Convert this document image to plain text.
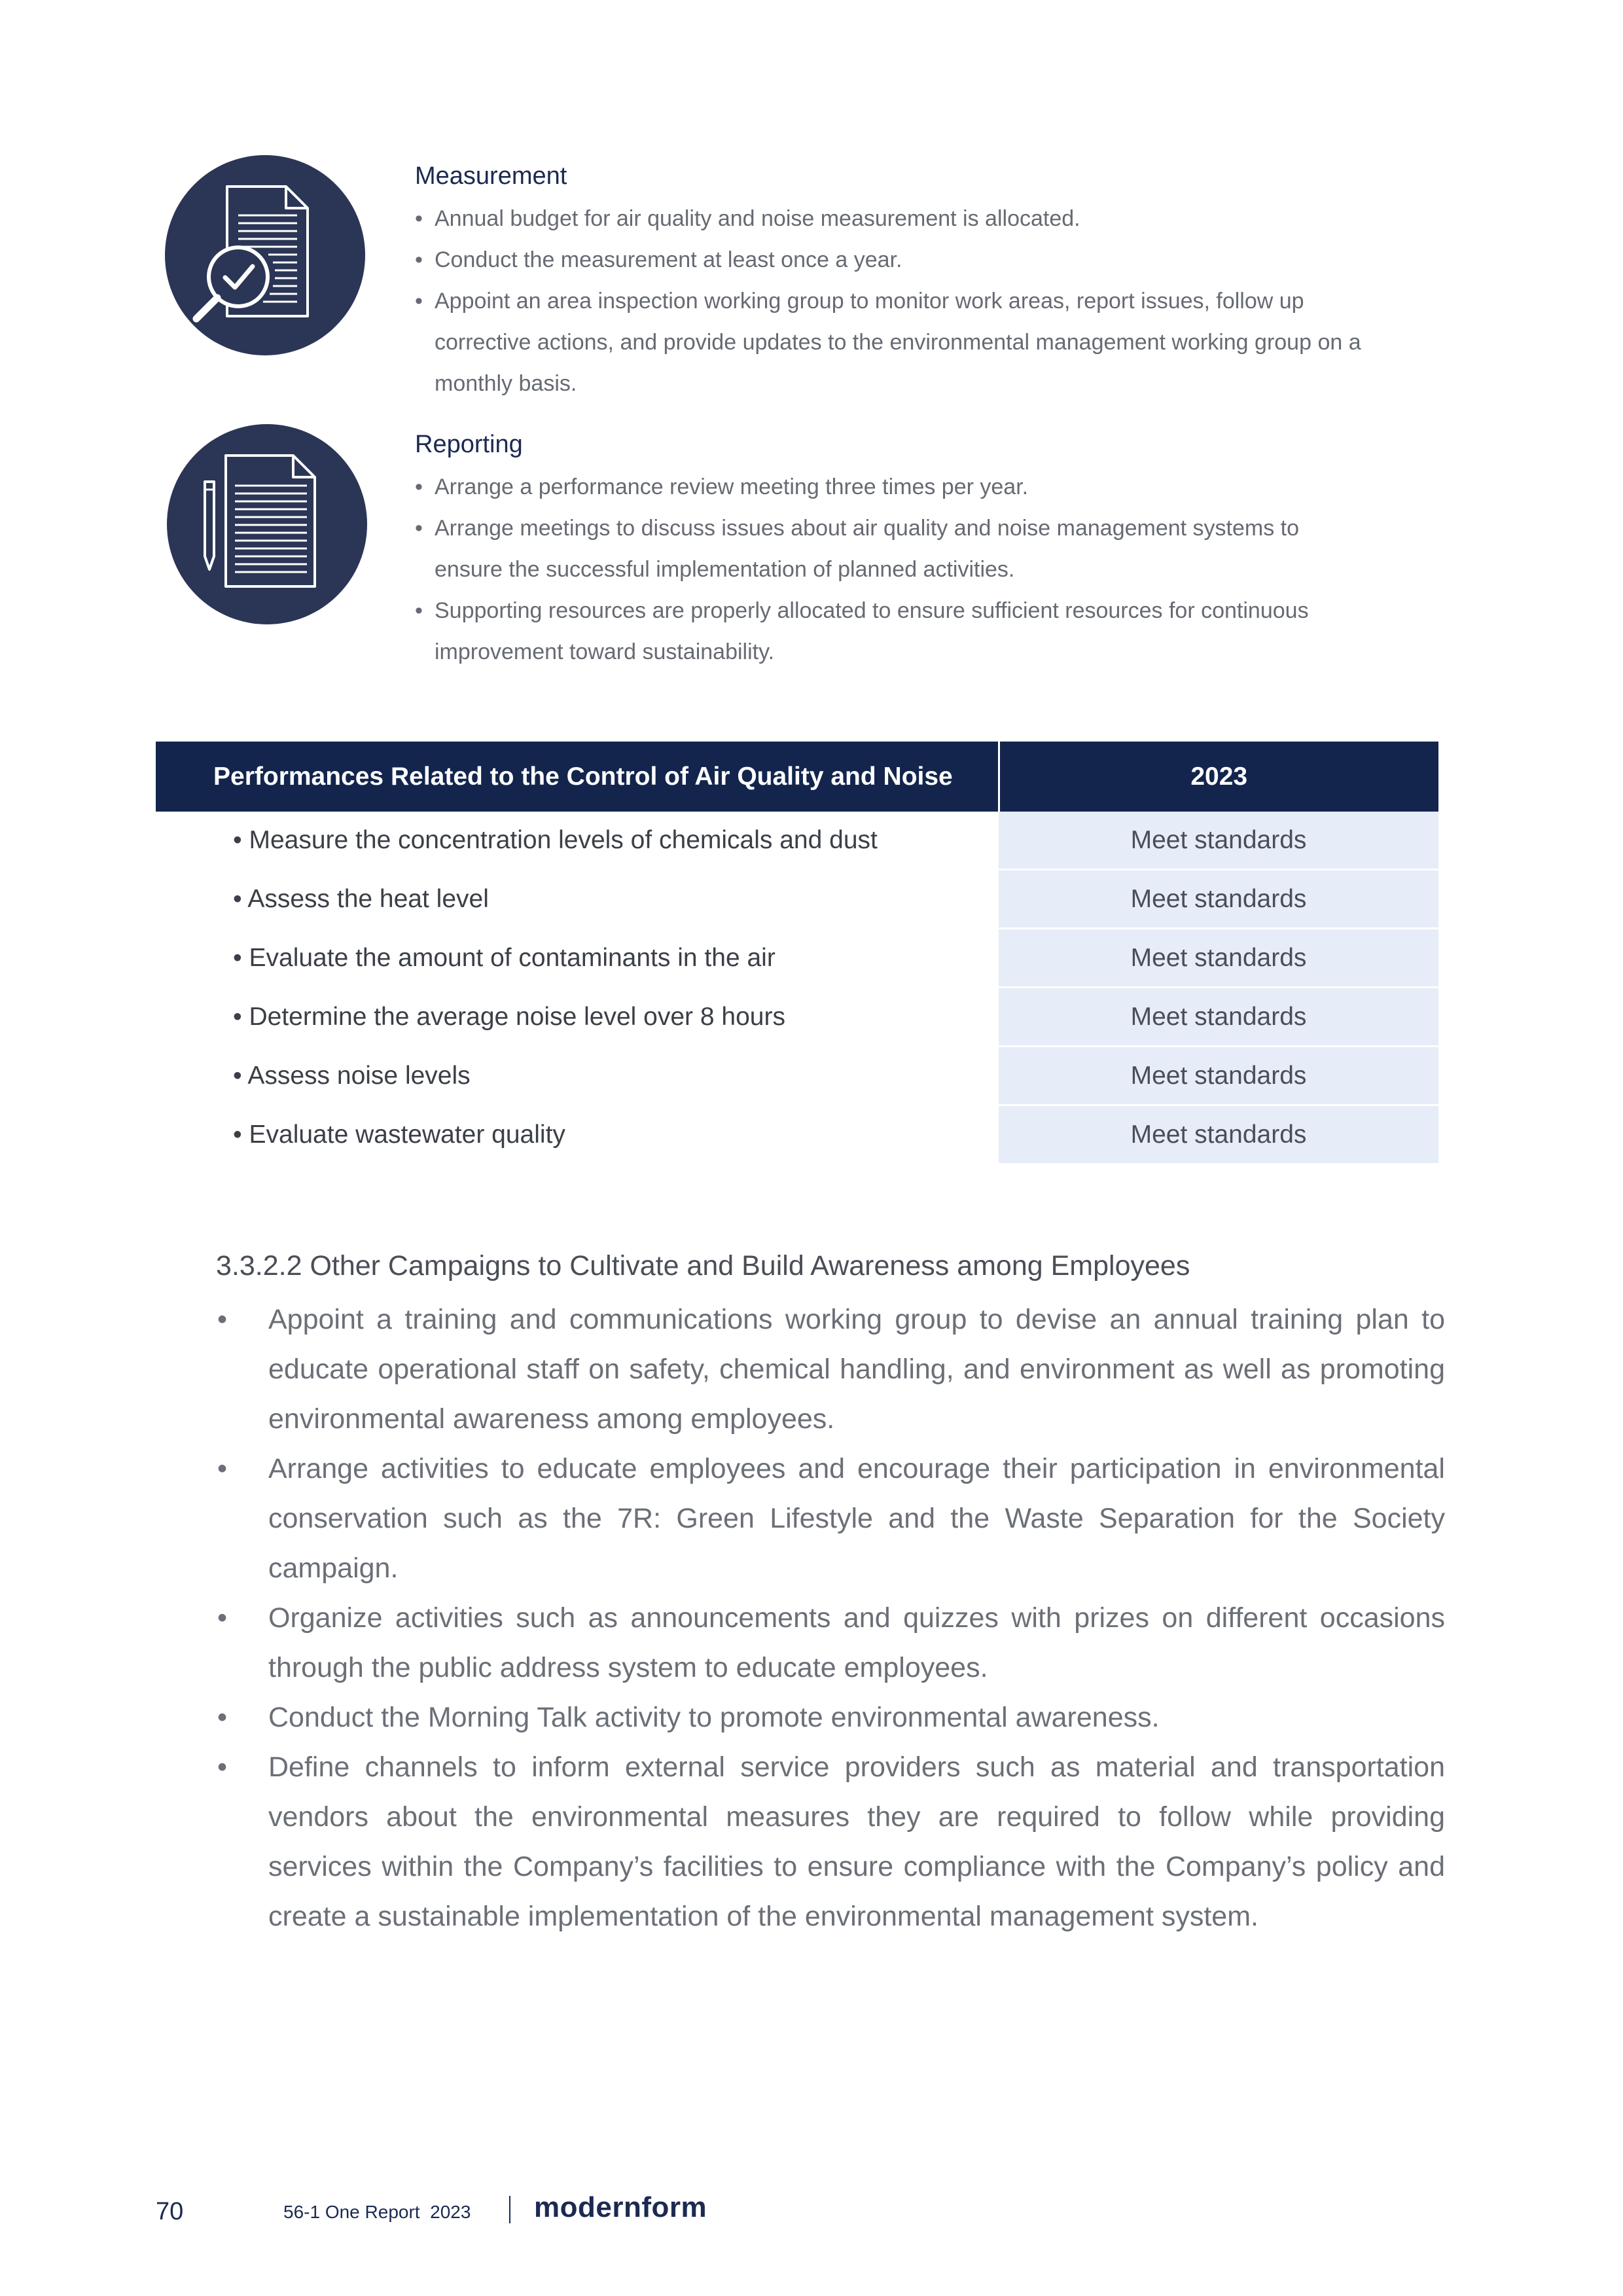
Measurement
• Annual budget for air quality and noise measurement is allocated.
• Conduct the measurement at least once a year.
• Appoint an area inspection working group to monitor work areas, report issues, follow up corrective actions, and provide updates to the environmental management working group on a monthly basis.
Reporting
• Arrange a performance review meeting three times per year.
• Arrange meetings to discuss issues about air quality and noise management systems to ensure the successful implementation of planned activities.
• Supporting resources are properly allocated to ensure sufficient resources for continuous improvement toward sustainability.
Performances Related to the Control of Air Quality and Noise	2023
• Measure the concentration levels of chemicals and dust	Meet standards
• Assess the heat level	Meet standards
• Evaluate the amount of contaminants in the air	Meet standards
• Determine the average noise level over 8 hours	Meet standards
• Assess noise levels	Meet standards
• Evaluate wastewater quality	Meet standards
3.3.2.2 Other Campaigns to Cultivate and Build Awareness among Employees
• Appoint a training and communications working group to devise an annual training plan to educate operational staff on safety, chemical handling, and environment as well as promoting environmental awareness among employees.
• Arrange activities to educate employees and encourage their participation in environmental conservation such as the 7R: Green Lifestyle and the Waste Separation for the Society campaign.
• Organize activities such as announcements and quizzes with prizes on different occasions through the public address system to educate employees.
• Conduct the Morning Talk activity to promote environmental awareness.
• Define channels to inform external service providers such as material and transportation vendors about the environmental measures they are required to follow while providing services within the Company’s facilities to ensure compliance with the Company’s policy and create a sustainable implementation of the environmental management system.
70	56-1 One Report  2023 modernform
